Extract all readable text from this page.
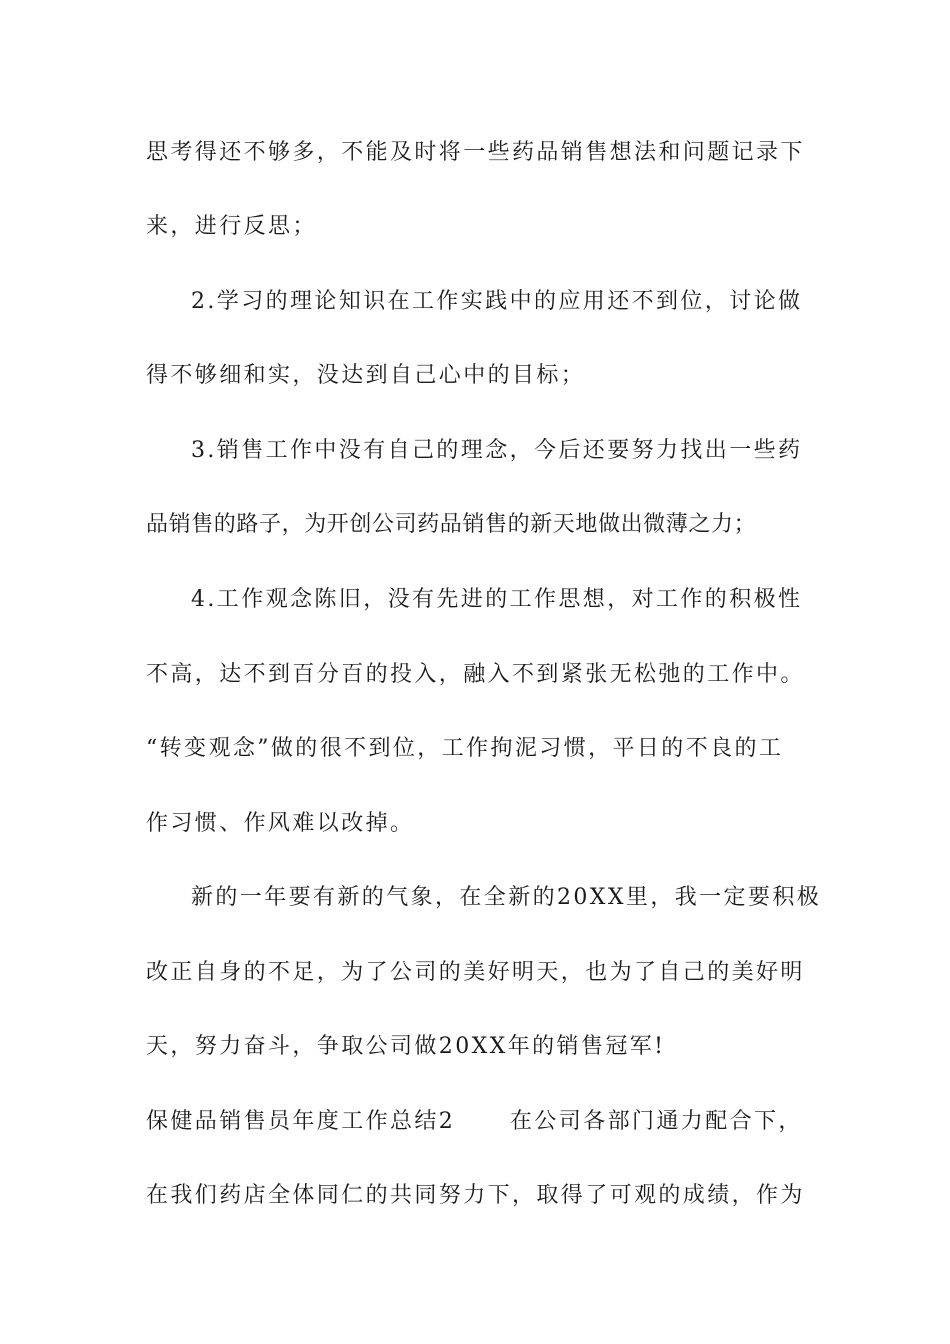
思考得还不够多，不能及时将一些药品销售想法和问题记录下
来，进行反思；
2.学习的理论知识在工作实践中的应用还不到位，讨论做
得不够细和实，没达到自己心中的目标；
3.销售工作中没有自己的理念，今后还要努力找出一些药
品销售的路子，为开创公司药品销售的新天地做出微薄之力；
4.工作观念陈旧，没有先进的工作思想，对工作的积极性
不高，达不到百分百的投入，融入不到紧张无松弛的工作中。
“转变观念”做的很不到位，工作拘泥习惯，平日的不良的工
作习惯、作风难以改掉。
新的一年要有新的气象，在全新的20XX里，我一定要积极
改正自身的不足，为了公司的美好明天，也为了自己的美好明
天，努力奋斗，争取公司做20XX年的销售冠军!
保健品销售员年度工作总结2	在公司各部门通力配合下，
在我们药店全体同仁的共同努力下，取得了可观的成绩，作为
